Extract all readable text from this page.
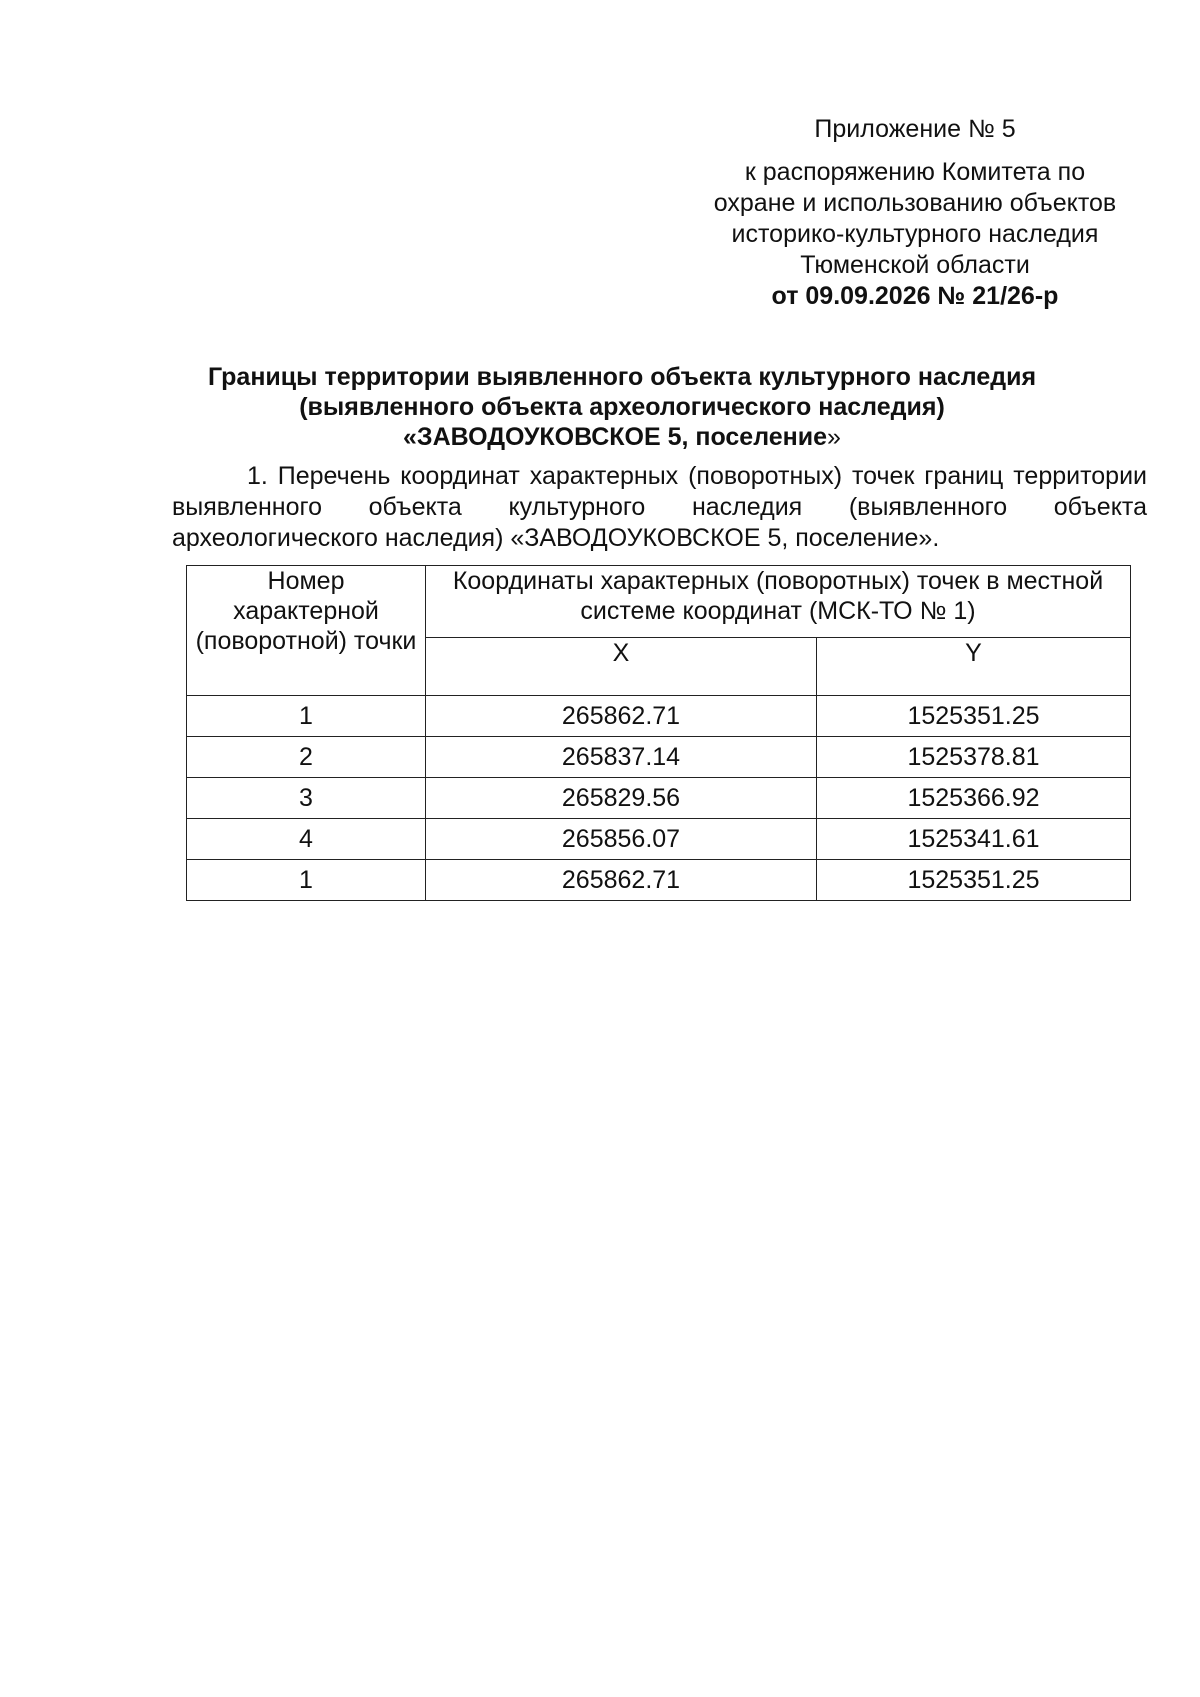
Приложение № 5
к распоряжению Комитета по
охране и использованию объектов
историко-культурного наследия
Тюменской области
от 09.09.2026 № 21/26-р
Границы территории выявленного объекта культурного наследия
(выявленного объекта археологического наследия)
«ЗАВОДОУКОВСКОЕ 5, поселение»
1. Перечень координат характерных (поворотных) точек границ территории выявленного объекта культурного наследия (выявленного объекта археологического наследия) «ЗАВОДОУКОВСКОЕ 5, поселение».
Номер характерной (поворотной) точки	Координаты характерных (поворотных) точек в местной системе координат (МСК-ТО № 1)	
	X	Y
1	265862.71	1525351.25
2	265837.14	1525378.81
3	265829.56	1525366.92
4	265856.07	1525341.61
1	265862.71	1525351.25
